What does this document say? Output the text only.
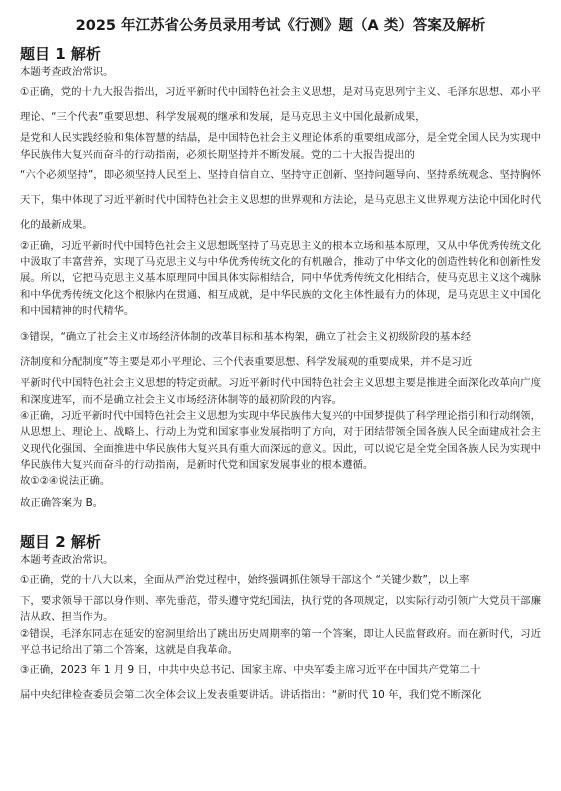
2025 年江苏省公务员录用考试《行测》题（A 类）答案及解析
题目 1 解析

本题考查政治常识。

①正确，党的十九大报告指出，习近平新时代中国特色社会主义思想，是对马克思列宁主义、毛泽东思想、邓小平理论、“三个代表”重要思想、科学发展观的继承和发展，是马克思主义中国化最新成果，

是党和人民实践经验和集体智慧的结晶，是中国特色社会主义理论体系的重要组成部分，是全党全国人民为实现中华民族伟大复兴而奋斗的行动指南，必须长期坚持并不断发展。党的二十大报告提出的

“六个必须坚持”，即必须坚持人民至上、坚持自信自立、坚持守正创新、坚持问题导向、坚持系统观念、坚持胸怀天下，集中体现了习近平新时代中国特色社会主义思想的世界观和方法论，是马克思主义世界观方法论中国化时代化的最新成果。

②正确，习近平新时代中国特色社会主义思想既坚持了马克思主义的根本立场和基本原理，又从中华优秀传统文化中汲取了丰富营养，实现了马克思主义与中华优秀传统文化的有机融合，推动了中华文化的创造性转化和创新性发展。所以，它把马克思主义基本原理同中国具体实际相结合，同中华优秀传统文化相结合，使马克思主义这个魂脉和中华优秀传统文化这个根脉内在贯通、相互成就，是中华民族的文化主体性最有力的体现，是马克思主义中国化和中国精神的时代精华。

③错误，“确立了社会主义市场经济体制的改革目标和基本构架，确立了社会主义初级阶段的基本经

济制度和分配制度”等主要是邓小平理论、三个代表重要思想、科学发展观的重要成果，并不是习近

平新时代中国特色社会主义思想的特定贡献。习近平新时代中国特色社会主义思想主要是推进全面深化改革向广度和深度进军，而不是确立社会主义市场经济体制等的最初阶段的内容。

④正确，习近平新时代中国特色社会主义思想为实现中华民族伟大复兴的中国梦提供了科学理论指引和行动纲领，从思想上、理论上、战略上、行动上为党和国家事业发展指明了方向，对于团结带领全国各族人民全面建成社会主义现代化强国、全面推进中华民族伟大复兴具有重大而深远的意义。因此，可以说它是全党全国各族人民为实现中华民族伟大复兴而奋斗的行动指南，是新时代党和国家发展事业的根本遵循。

故①②④说法正确。

故正确答案为 B。

题目 2 解析

本题考查政治常识。

①正确，党的十八大以来，全面从严治党过程中，始终强调抓住领导干部这个 “关键少数”，以上率

下，要求领导干部以身作则、率先垂范，带头遵守党纪国法，执行党的各项规定，以实际行动引领广大党员干部廉洁从政、担当作为。

②错误，毛泽东同志在延安的窑洞里给出了跳出历史周期率的第一个答案，即让人民监督政府。而在新时代，习近平总书记给出了第二个答案，这就是自我革命。

③正确，2023 年 1 月 9 日，中共中央总书记、国家主席、中央军委主席习近平在中国共产党第二十

届中央纪律检查委员会第二次全体会议上发表重要讲话。讲话指出：“新时代 10 年，我们党不断深化
